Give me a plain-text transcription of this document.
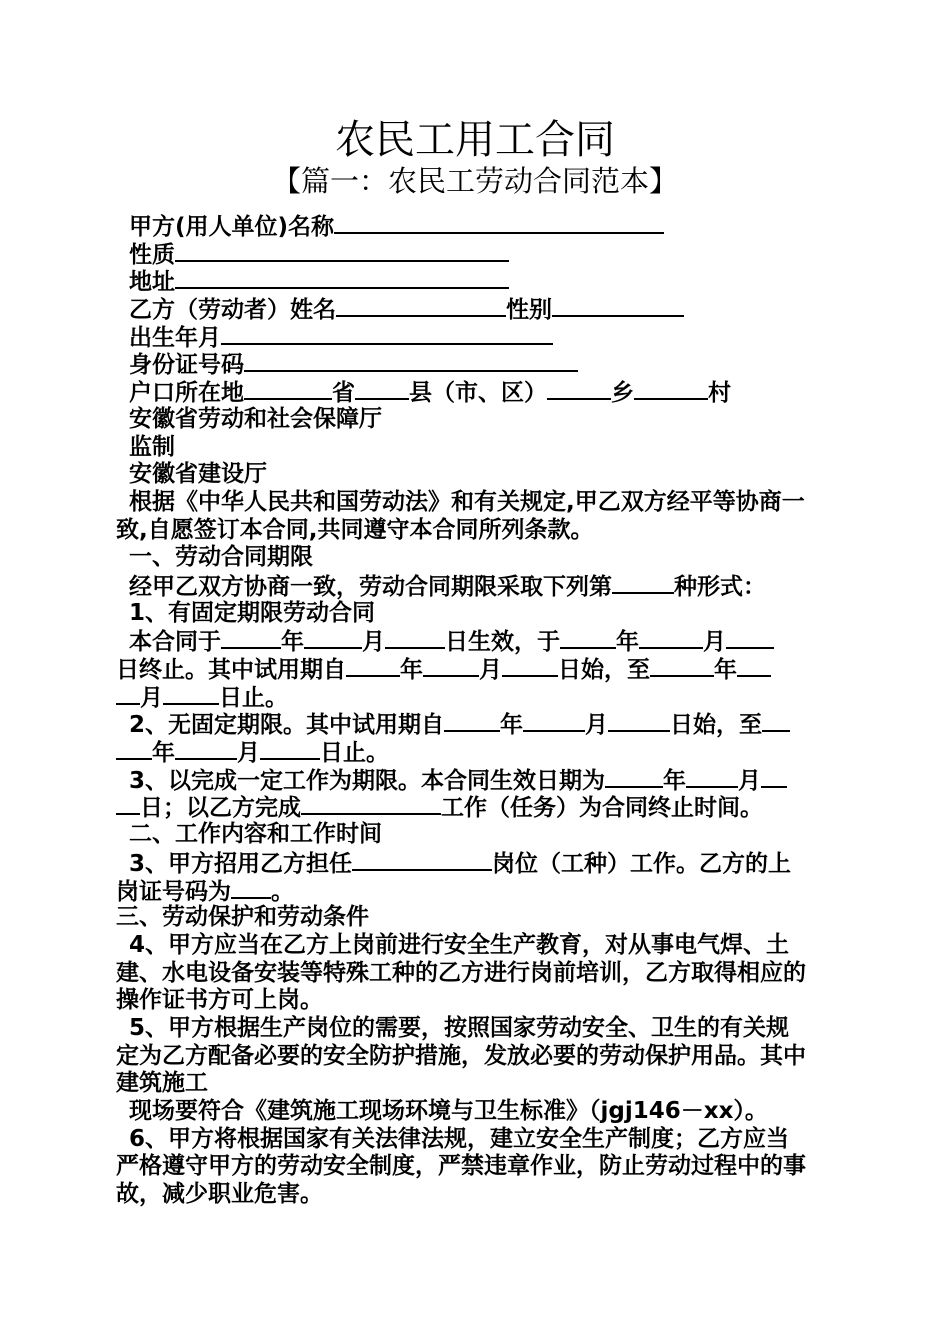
农民工用工合同
【篇一：农民工劳动合同范本】
甲方(用人单位)名称
性质
地址
乙方（劳动者）姓名	性别
出生年月
身份证号码
户口所在地	省 县（市、区）	乡	村
安徽省劳动和社会保障厅
监制
安徽省建设厅
根据《中华人民共和国劳动法》和有关规定,甲乙双方经平等协商一
致,自愿签订本合同,共同遵守本合同所列条款。
一、劳动合同期限
经甲乙双方协商一致，劳动合同期限采取下列第	种形式：
1、有固定期限劳动合同
本合同于	年	月	日生效，于 年	月
日终止。其中试用期自 年 月 日始，至	年
月 日止。
2、无固定期限。其中试用期自 年	月	日始，至
年	月	日止。
3、以完成一定工作为期限。本合同生效日期为	年 月
日；以乙方完成	工作（任务）为合同终止时间。
二、工作内容和工作时间
3、甲方招用乙方担任	岗位（工种）工作。乙方的上
岗证号码为 。
三、劳动保护和劳动条件
4、甲方应当在乙方上岗前进行安全生产教育，对从事电气焊、土
建、水电设备安装等特殊工种的乙方进行岗前培训，乙方取得相应的
操作证书方可上岗。
5、甲方根据生产岗位的需要，按照国家劳动安全、卫生的有关规
定为乙方配备必要的安全防护措施，发放必要的劳动保护用品。其中
建筑施工
现场要符合《建筑施工现场环境与卫生标准》（jgj146－xx）。
6、甲方将根据国家有关法律法规，建立安全生产制度；乙方应当
严格遵守甲方的劳动安全制度，严禁违章作业，防止劳动过程中的事
故，减少职业危害。
